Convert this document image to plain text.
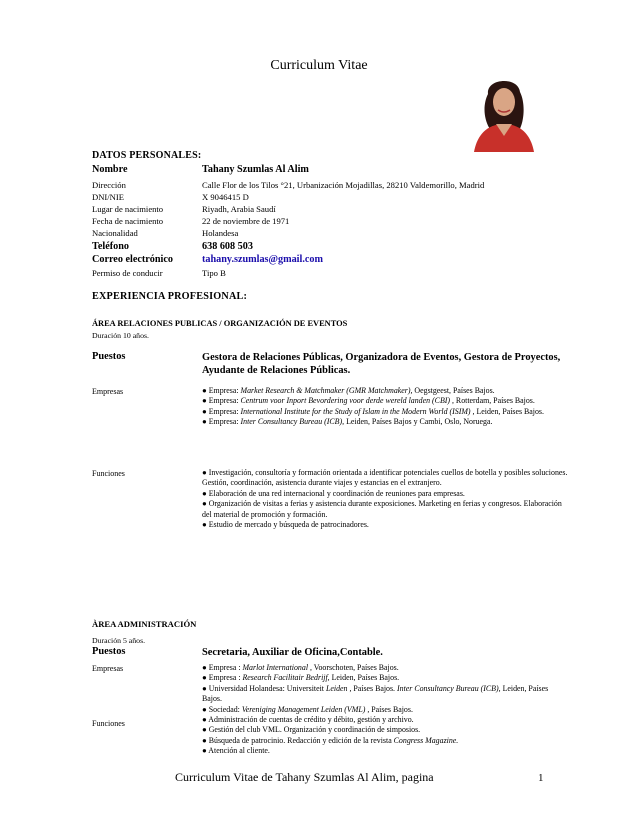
Curriculum Vitae
DATOS PERSONALES:
Nombre	Tahany Szumlas Al Alim
Dirección	Calle Flor de los Tilos °21, Urbanización Mojadillas, 28210 Valdemorillo, Madrid
DNI/NIE	X 9046415 D
Lugar de nacimiento	Riyadh, Arabia Saudí
Fecha de nacimiento	22 de noviembre de 1971
Nacionalidad	Holandesa
Teléfono	638 608 503
Correo electrónico	tahany.szumlas@gmail.com
Permiso de conducir	Tipo B
EXPERIENCIA PROFESIONAL:
ÁREA RELACIONES PUBLICAS / ORGANIZACIÓN DE EVENTOS
Duración 10 años.
Puestos	Gestora de Relaciones Públicas, Organizadora de Eventos, Gestora de Proyectos, Ayudante de Relaciones Públicas.
Empresas	● Empresa: Market Research & Matchmaker (GMR Matchmaker), Oegstgeest, Países Bajos.

● Empresa: Centrum voor Inport Bevordering voor derde wereld landen (CBI) , Rotterdam, Países Bajos.

● Empresa: International Institute for the Study of Islam in the Modern World (ISIM) , Leiden, Países Bajos.

● Empresa: Inter Consultancy Bureau (ICB), Leiden, Países Bajos y Cambi, Oslo, Noruega.

Funciones	● Investigación, consultoría y formación orientada a identificar potenciales cuellos de botella y posibles soluciones. Gestión, coordinación, asistencia durante viajes y estancias en el extranjero.

● Elaboración de una red internacional y coordinación de reuniones para empresas.

● Organización de visitas a ferias y asistencia durante exposiciones. Marketing en ferias y congresos. Elaboración del material de promoción y formación.

● Estudio de mercado y búsqueda de patrocinadores.

ÀREA ADMINISTRACIÓN
Duración 5 años.
Puestos	Secretaria, Auxiliar de Oficina,Contable.
Empresas	● Empresa : Marlot International , Voorschoten, Países Bajos.

● Empresa : Research Facilitair Bedrijf, Leiden, Países Bajos.

● Universidad Holandesa: Universiteit Leiden , Países Bajos. Inter Consultancy Bureau (ICB), Leiden, Países Bajos.

● Sociedad: Vereniging Management Leiden (VML) , Países Bajos.

Funciones	● Administración de cuentas de crédito y débito, gestión y archivo.

● Gestión del club VML. Organización y coordinación de simposios.

● Búsqueda de patrocinio. Redacción y edición de la revista Congress Magazine.

● Atención al cliente.

Curriculum Vitae de Tahany Szumlas Al Alim, pagina	1
